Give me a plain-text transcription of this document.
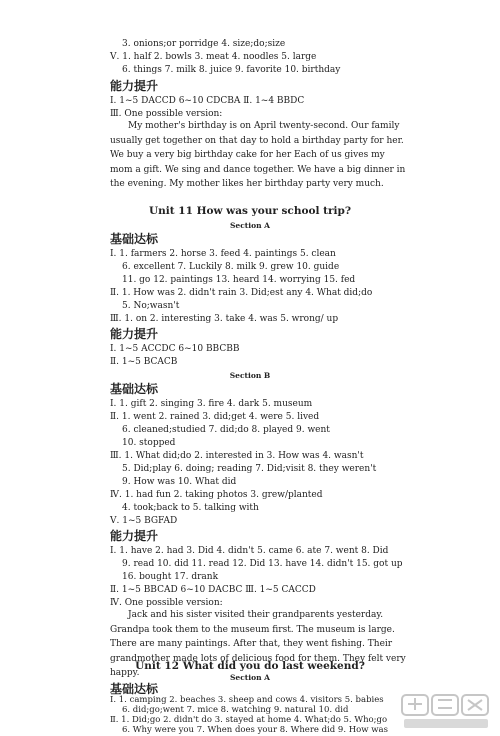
3. onions;or porridge 4. size;do;size
Ⅴ. 1. half 2. bowls 3. meat 4. noodles 5. large
6. things 7. milk 8. juice 9. favorite 10. birthday
能力提升
Ⅰ. 1~5 DACCD 6~10 CDCBA Ⅱ. 1~4 BBDC
Ⅲ. One possible version:
My mother's birthday is on April twenty-second. Our family usually get together on that day to hold a birthday party for her. We buy a very big birthday cake for her Each of us gives my mom a gift. We sing and dance together. We have a big dinner in the evening. My mother likes her birthday party very much.
Unit 11 How was your school trip?
Section A
基础达标
Ⅰ. 1. farmers 2. horse 3. feed 4. paintings 5. clean
6. excellent 7. Luckily 8. milk 9. grew 10. guide
11. go 12. paintings 13. heard 14. worrying 15. fed
Ⅱ. 1. How was 2. didn't rain 3. Did;est any 4. What did;do
5. No;wasn't
Ⅲ. 1. on 2. interesting 3. take 4. was 5. wrong/ up
能力提升
Ⅰ. 1~5 ACCDC 6~10 BBCBB
Ⅱ. 1~5 BCACB
Section B
基础达标
Ⅰ. 1. gift 2. singing 3. fire 4. dark 5. museum
Ⅱ. 1. went 2. rained 3. did;get 4. were 5. lived
6. cleaned;studied 7. did;do 8. played 9. went
10. stopped
Ⅲ. 1. What did;do 2. interested in 3. How was 4. wasn't
5. Did;play 6. doing; reading 7. Did;visit 8. they weren't
9. How was 10. What did
Ⅳ. 1. had fun 2. taking photos 3. grew/planted
4. took;back to 5. talking with
Ⅴ. 1~5 BGFAD
能力提升
Ⅰ. 1. have 2. had 3. Did 4. didn't 5. came 6. ate 7. went 8. Did
9. read 10. did 11. read 12. Did 13. have 14. didn't 15. got up
16. bought 17. drank
Ⅱ. 1~5 BBCAD 6~10 DACBC Ⅲ. 1~5 CACCD
Ⅳ. One possible version:
Jack and his sister visited their grandparents yesterday. Grandpa took them to the museum first. The museum is large. There are many paintings. After that, they went fishing. Their grandmother made lots of delicious food for them. They felt very happy.
Unit 12 What did you do last weekend?
Section A
基础达标
Ⅰ. 1. camping 2. beaches 3. sheep and cows 4. visitors 5. babies
6. did;go;went 7. mice 8. watching 9. natural 10. did
Ⅱ. 1. Did;go 2. didn't do 3. stayed at home 4. What;do 5. Who;go
6. Why were you 7. When does your 8. Where did 9. How was
